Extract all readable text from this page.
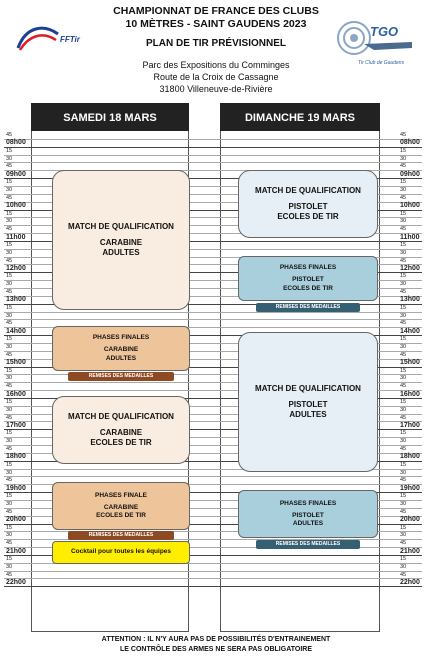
FFTir
CHAMPIONNAT DE FRANCE DES CLUBS
10 MÈTRES - SAINT GAUDENS 2023
PLAN DE TIR PRÉVISIONNEL
Parc des Expositions du Comminges
Route de la Croix de Cassagne
31800 Villeneuve-de-Rivière
TGO
Tir Club de Gaudens
SAMEDI 18 MARS	DIMANCHE 19 MARS
45	45
08h00	08h00
15	15
30	30
45	45
09h00	09h00
15	15
30	30
45	45
10h00	10h00
15	15
30	30
45	45
11h00	11h00
15	15
30	30
45	45
12h00	12h00
15	15
30	30
45	45
13h00	13h00
15	15
30	30
45	45
14h00	14h00
15	15
30	30
45	45
15h00	15h00
15	15
30	30
45	45
16h00	16h00
15	15
30	30
45	45
17h00	17h00
15	15
30	30
45	45
18h00	18h00
15	15
30	30
45	45
19h00	19h00
15	15
30	30
45	45
20h00	20h00
15	15
30	30
45	45
21h00	21h00
15	15
30	30
45	45
22h00	22h00
MATCH DE QUALIFICATION
CARABINE
ADULTES
PHASES FINALES
CARABINE
ADULTES
REMISES DES MEDAILLES
MATCH DE QUALIFICATION
CARABINE
ECOLES DE TIR
PHASES FINALE
CARABINE
ECOLES DE TIR
REMISES DES MEDAILLES
Cocktail pour toutes les équipes
MATCH DE QUALIFICATION
PISTOLET
ECOLES DE TIR
PHASES FINALES
PISTOLET
ECOLES DE TIR
REMISES DES MEDAILLES
MATCH DE QUALIFICATION
PISTOLET
ADULTES
PHASES FINALES
PISTOLET
ADULTES
REMISES DES MEDAILLES
ATTENTION : IL N'Y AURA PAS DE POSSIBILITÉS D'ENTRAINEMENT
LE CONTRÔLE DES ARMES NE SERA PAS OBLIGATOIRE
